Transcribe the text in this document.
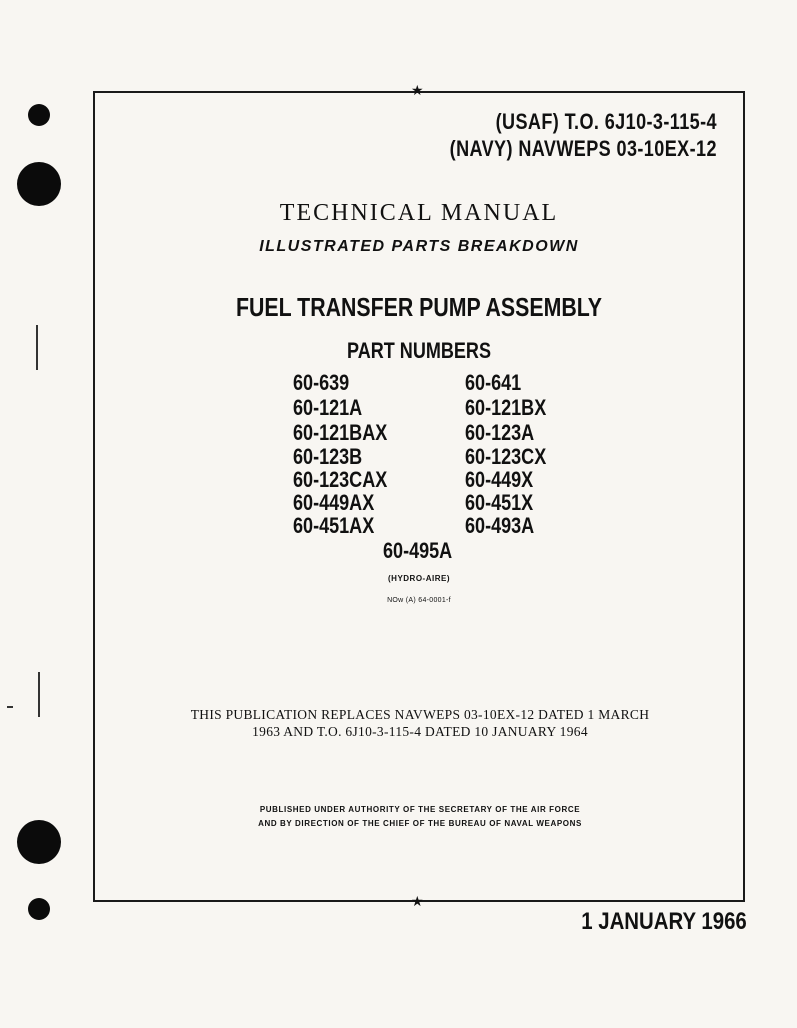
★
★
(USAF) T.O. 6J10-3-115-4
(NAVY) NAVWEPS 03-10EX-12
TECHNICAL MANUAL
ILLUSTRATED PARTS BREAKDOWN
FUEL TRANSFER PUMP ASSEMBLY
PART NUMBERS
60-639
60-121A
60-121BAX
60-123B
60-123CAX
60-449AX
60-451AX
60-641
60-121BX
60-123A
60-123CX
60-449X
60-451X
60-493A
60-495A
(HYDRO-AIRE)
NOw (A) 64-0001-f
THIS PUBLICATION REPLACES NAVWEPS 03-10EX-12 DATED 1 MARCH
1963 AND T.O. 6J10-3-115-4 DATED 10 JANUARY 1964
PUBLISHED UNDER AUTHORITY OF THE SECRETARY OF THE AIR FORCE
AND BY DIRECTION OF THE CHIEF OF THE BUREAU OF NAVAL WEAPONS
1 JANUARY 1966
